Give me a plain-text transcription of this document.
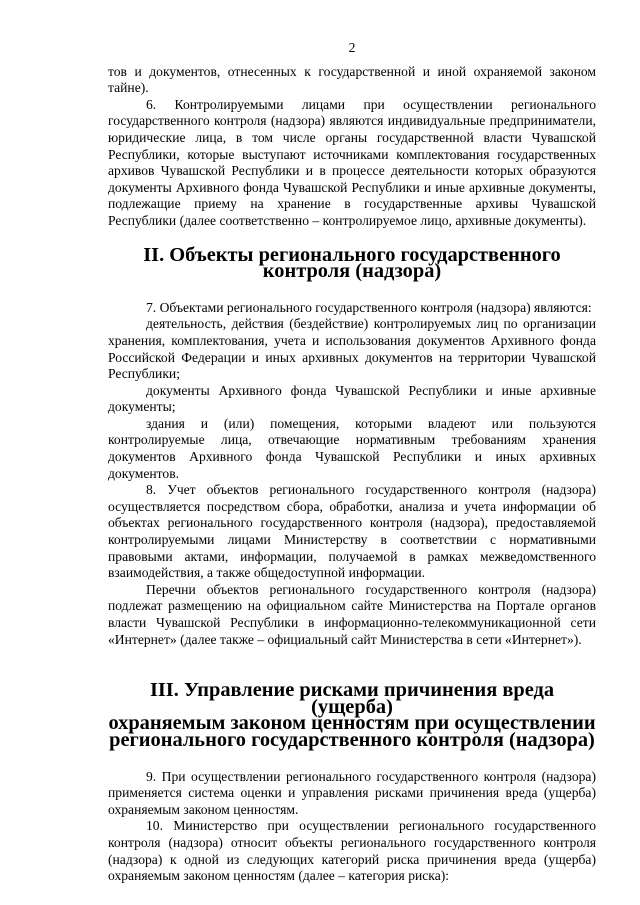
2

тов и документов, отнесенных к государственной и иной охраняемой законом тайне).

6. Контролируемыми лицами при осуществлении регионального государственного контроля (надзора) являются индивидуальные предприниматели, юридические лица, в том числе органы государственной власти Чувашской Республики, которые выступают источниками комплектования государственных архивов Чувашской Республики и в процессе деятельности которых образуются документы Архивного фонда Чувашской Республики и иные архивные документы, подлежащие приему на хранение в государственные архивы Чувашской Республики (далее соответственно – контролируемое лицо, архивные документы).

II. Объекты регионального государственного контроля (надзора)

7. Объектами регионального государственного контроля (надзора) являются:

деятельность, действия (бездействие) контролируемых лиц по организации хранения, комплектования, учета и использования документов Архивного фонда Российской Федерации и иных архивных документов на территории Чувашской Республики;

документы Архивного фонда Чувашской Республики и иные архивные документы;

здания и (или) помещения, которыми владеют или пользуются контролируемые лица, отвечающие нормативным требованиям хранения документов Архивного фонда Чувашской Республики и иных архивных документов.

8. Учет объектов регионального государственного контроля (надзора) осуществляется посредством сбора, обработки, анализа и учета информации об объектах регионального государственного контроля (надзора), предоставляемой контролируемыми лицами Министерству в соответствии с нормативными правовыми актами, информации, получаемой в рамках межведомственного взаимодействия, а также общедоступной информации.

Перечни объектов регионального государственного контроля (надзора) подлежат размещению на официальном сайте Министерства на Портале органов власти Чувашской Республики в информационно-телекоммуникационной сети «Интернет» (далее также – официальный сайт Министерства в сети «Интернет»).

III. Управление рисками причинения вреда (ущерба)
охраняемым законом ценностям при осуществлении
регионального государственного контроля (надзора)

9. При осуществлении регионального государственного контроля (надзора) применяется система оценки и управления рисками причинения вреда (ущерба) охраняемым законом ценностям.

10. Министерство при осуществлении регионального государственного контроля (надзора) относит объекты регионального государственного контроля (надзора) к одной из следующих категорий риска причинения вреда (ущерба) охраняемым законом ценностям (далее – категория риска):
